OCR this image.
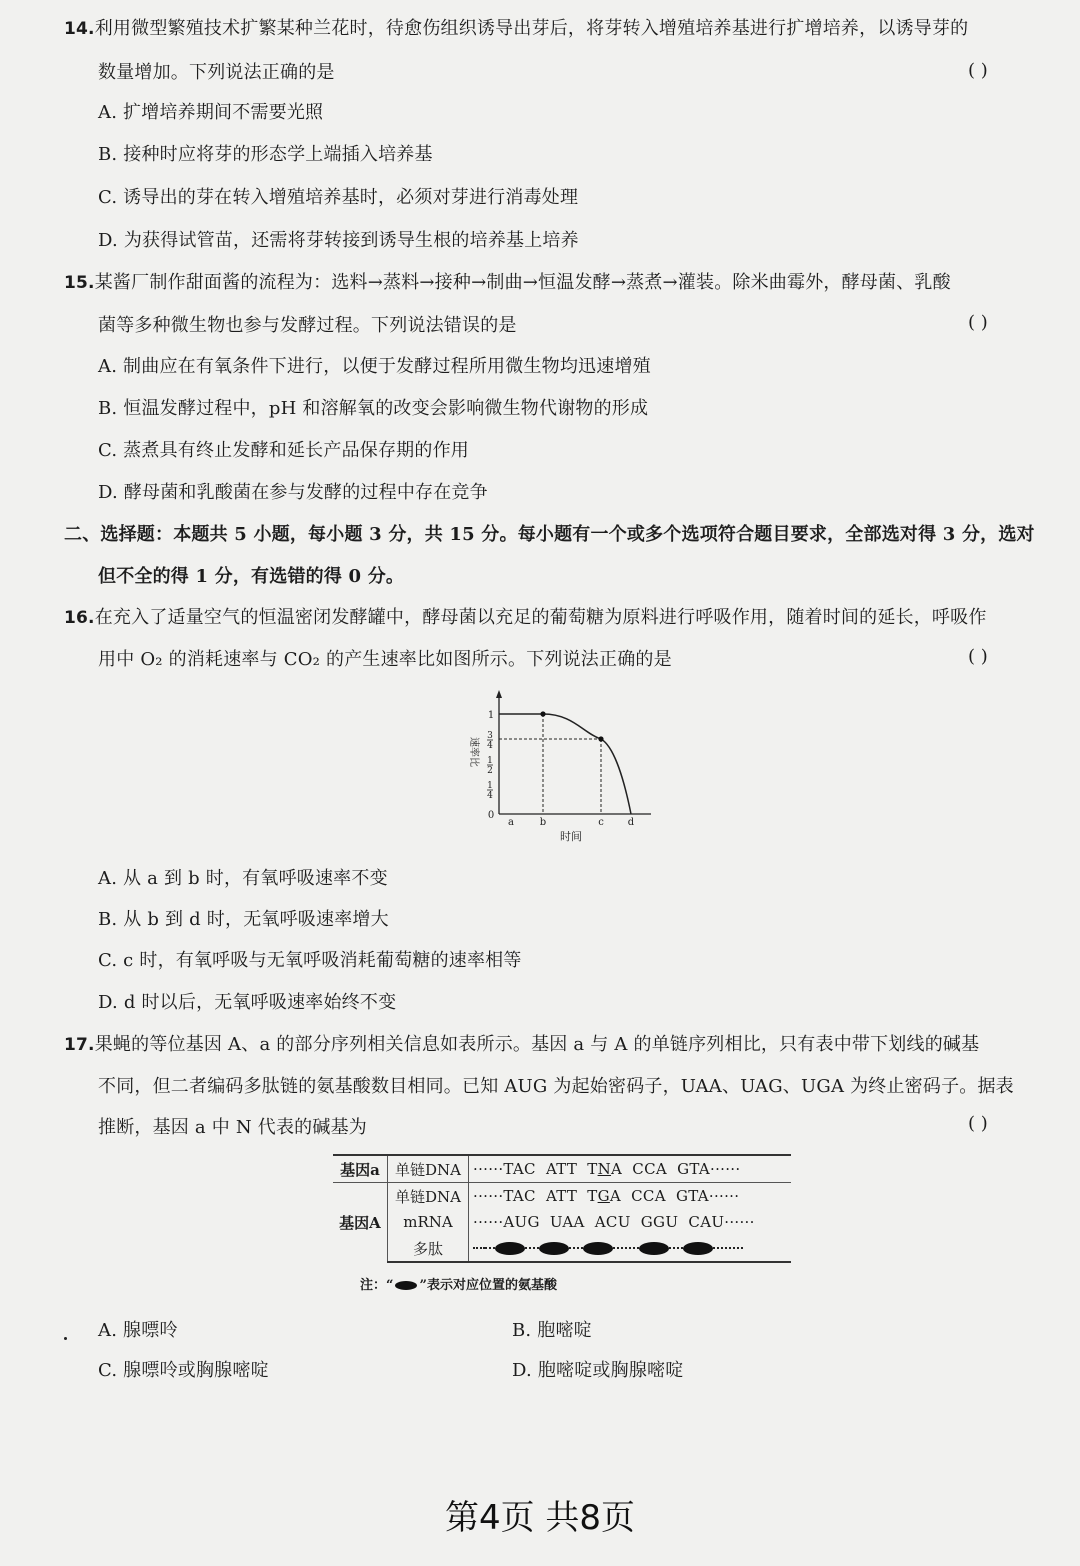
14.利用微型繁殖技术扩繁某种兰花时，待愈伤组织诱导出芽后，将芽转入增殖培养基进行扩增培养，以诱导芽的
数量增加。下列说法正确的是	( )
A. 扩增培养期间不需要光照
B. 接种时应将芽的形态学上端插入培养基
C. 诱导出的芽在转入增殖培养基时，必须对芽进行消毒处理
D. 为获得试管苗，还需将芽转接到诱导生根的培养基上培养
15.某酱厂制作甜面酱的流程为：选料→蒸料→接种→制曲→恒温发酵→蒸煮→灌装。除米曲霉外，酵母菌、乳酸
菌等多种微生物也参与发酵过程。下列说法错误的是	( )
A. 制曲应在有氧条件下进行，以便于发酵过程所用微生物均迅速增殖
B. 恒温发酵过程中，pH 和溶解氧的改变会影响微生物代谢物的形成
C. 蒸煮具有终止发酵和延长产品保存期的作用
D. 酵母菌和乳酸菌在参与发酵的过程中存在竞争
二、选择题：本题共 5 小题，每小题 3 分，共 15 分。每小题有一个或多个选项符合题目要求，全部选对得 3 分，选对
但不全的得 1 分，有选错的得 0 分。
16.在充入了适量空气的恒温密闭发酵罐中，酵母菌以充足的葡萄糖为原料进行呼吸作用，随着时间的延长，呼吸作
用中 O₂ 的消耗速率与 CO₂ 的产生速率比如图所示。下列说法正确的是	( )
0
1
4
1
2
3
4
1
速率比
a	b	c d
时间
A. 从 a 到 b 时，有氧呼吸速率不变
B. 从 b 到 d 时，无氧呼吸速率增大
C. c 时，有氧呼吸与无氧呼吸消耗葡萄糖的速率相等
D. d 时以后，无氧呼吸速率始终不变
17.果蝇的等位基因 A、a 的部分序列相关信息如表所示。基因 a 与 A 的单链序列相比，只有表中带下划线的碱基
不同，但二者编码多肽链的氨基酸数目相同。已知 AUG 为起始密码子，UAA、UAG、UGA 为终止密码子。据表
推断，基因 a 中 N 代表的碱基为	( )
基因a	单链DNA	······TAC  ATT  TNA  CCA  GTA······
基因A	单链DNA	······TAC  ATT  TGA  CCA  GTA······
	mRNA	······AUG  UAA  ACU  GGU  CAU······
	多肽	
注：“ ”表示对应位置的氨基酸
A. 腺嘌呤	B. 胞嘧啶
C. 腺嘌呤或胸腺嘧啶	D. 胞嘧啶或胸腺嘧啶
第4页 共8页
